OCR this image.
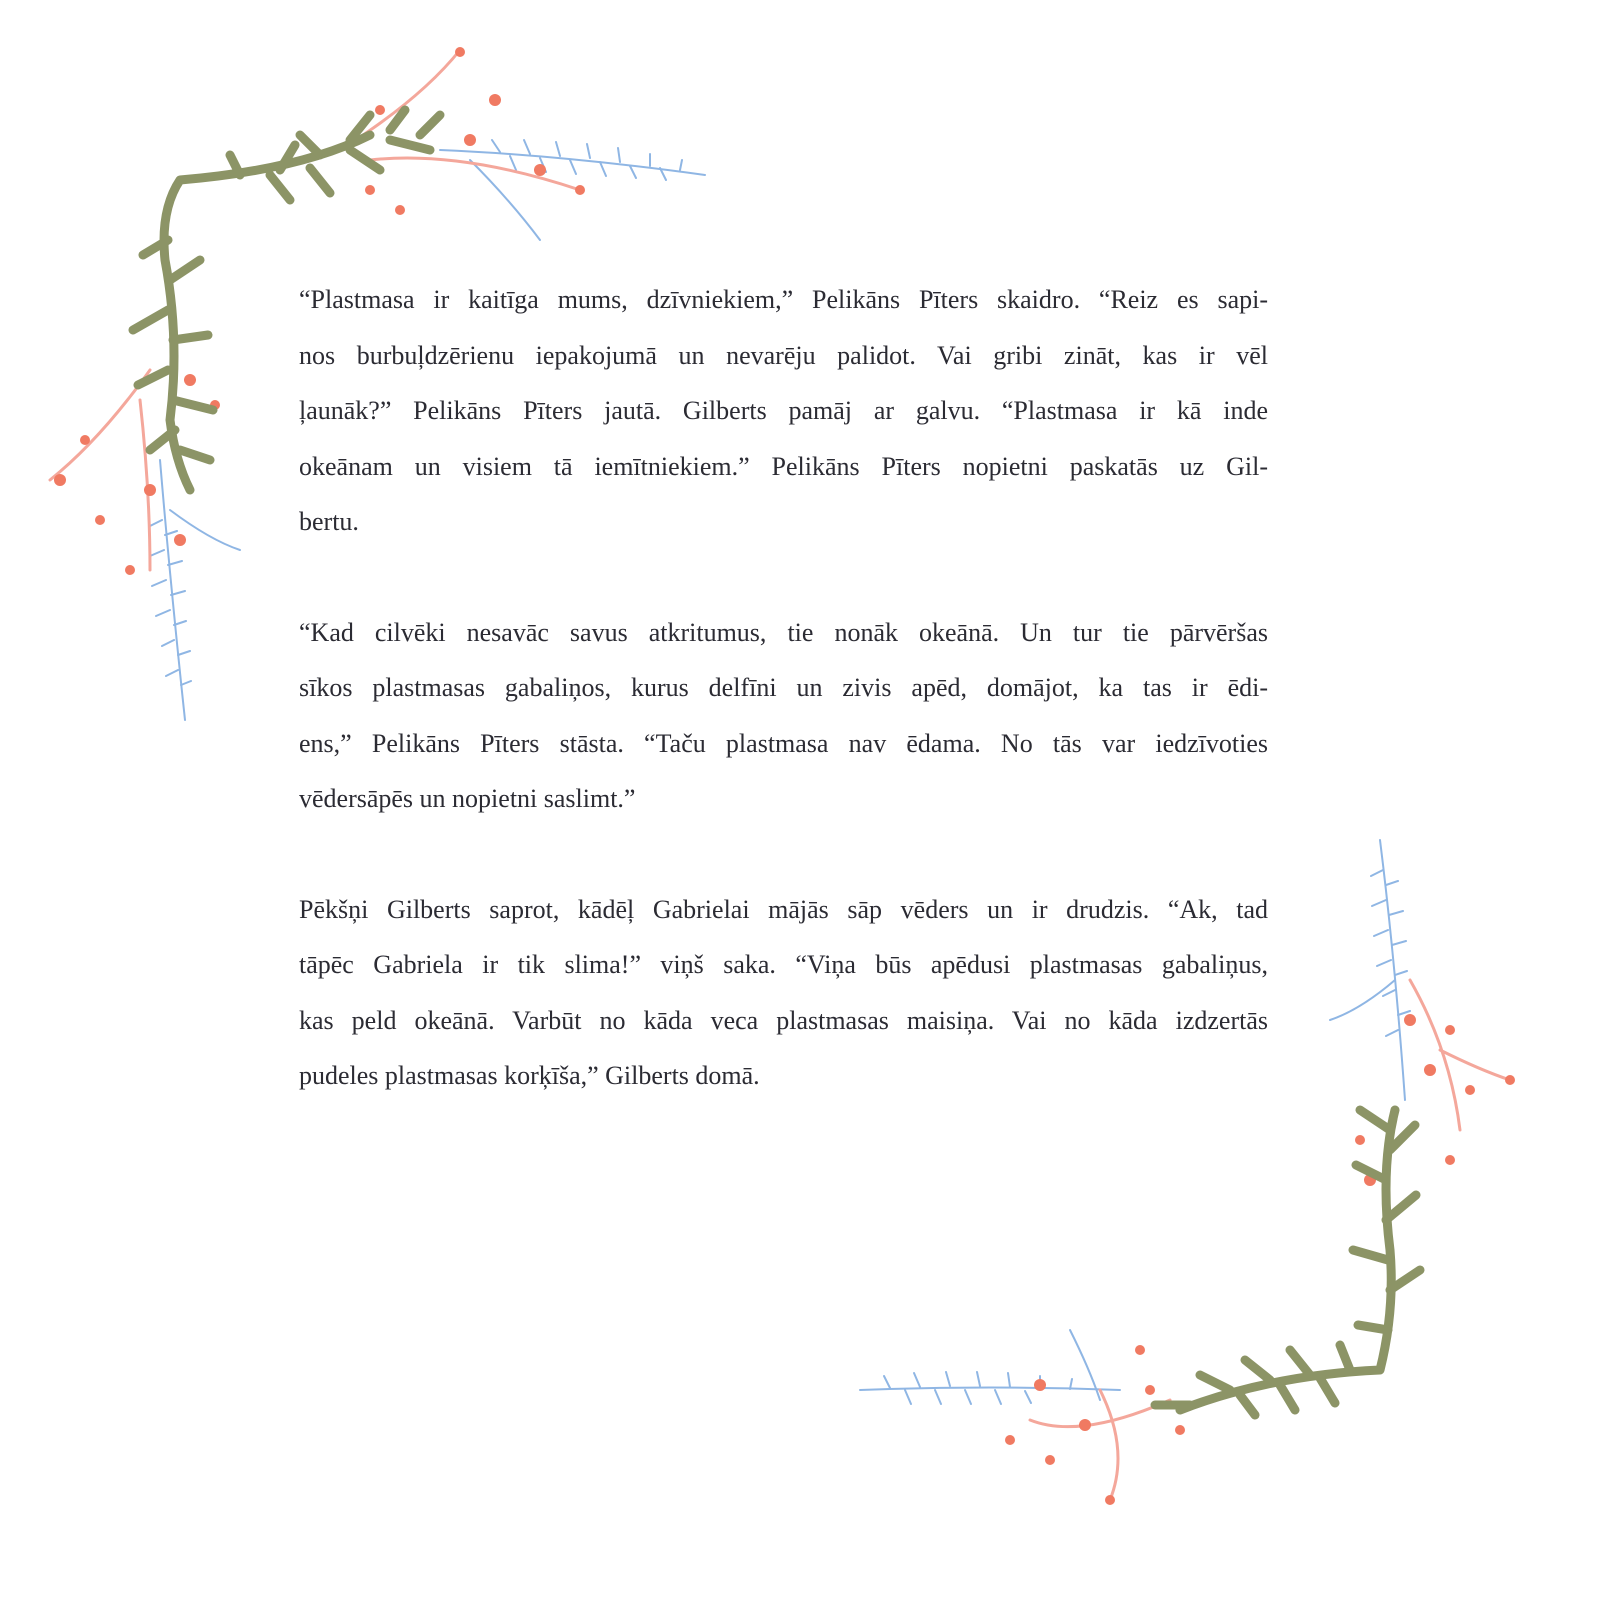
“Plastmasa ir kaitīga mums, dzīvniekiem,” Pelikāns Pīters skaidro. “Reiz es sapi-
nos burbuļdzērienu iepakojumā un nevarēju palidot. Vai gribi zināt, kas ir vēl
ļaunāk?” Pelikāns Pīters jautā. Gilberts pamāj ar galvu. “Plastmasa ir kā inde
okeānam un visiem tā iemītniekiem.” Pelikāns Pīters nopietni paskatās uz Gil-
bertu.

“Kad cilvēki nesavāc savus atkritumus, tie nonāk okeānā. Un tur tie pārvēršas
sīkos plastmasas gabaliņos, kurus delfīni un zivis apēd, domājot, ka tas ir ēdi-
ens,” Pelikāns Pīters stāsta. “Taču plastmasa nav ēdama. No tās var iedzīvoties
vēdersāpēs un nopietni saslimt.”

Pēkšņi Gilberts saprot, kādēļ Gabrielai mājās sāp vēders un ir drudzis. “Ak, tad
tāpēc Gabriela ir tik slima!” viņš saka. “Viņa būs apēdusi plastmasas gabaliņus,
kas peld okeānā. Varbūt no kāda veca plastmasas maisiņa. Vai no kāda izdzertās
pudeles plastmasas korķīša,” Gilberts domā.
